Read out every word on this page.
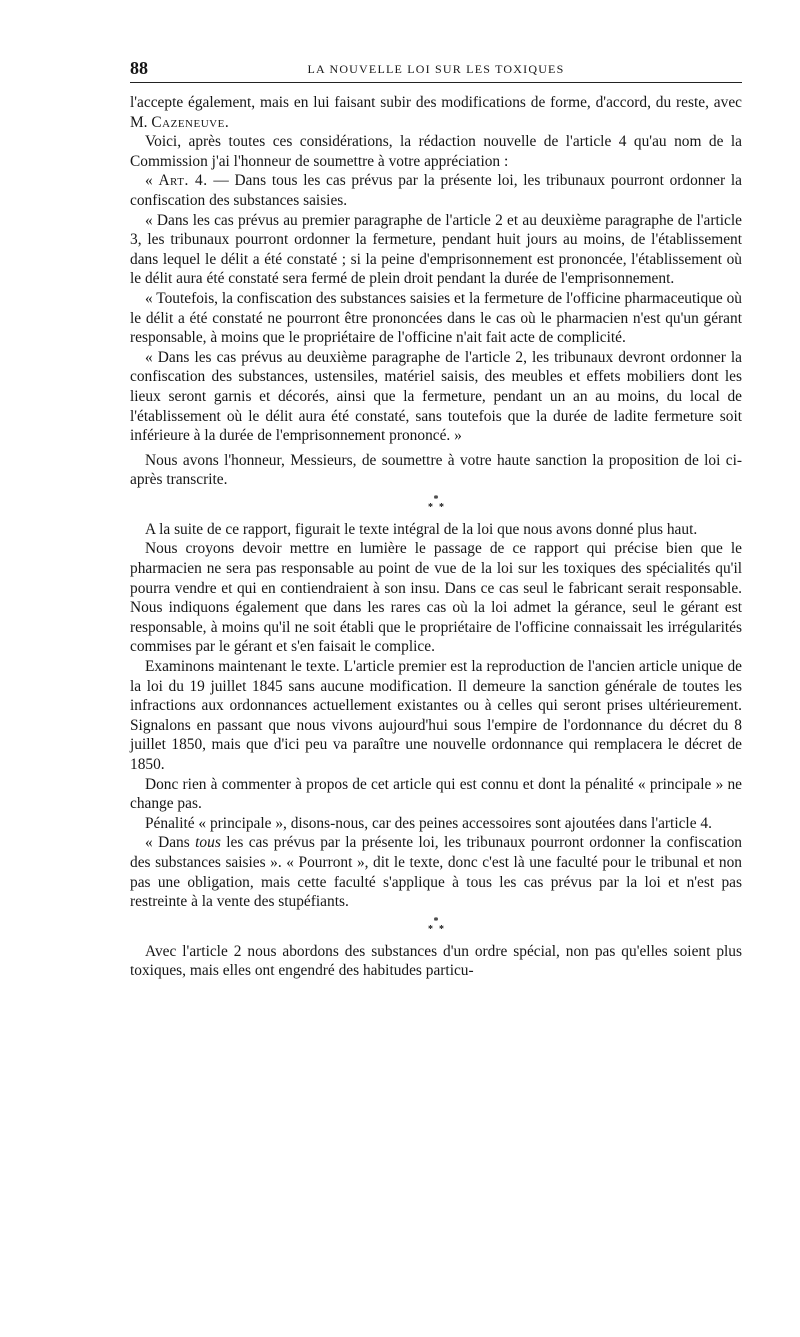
88	LA NOUVELLE LOI SUR LES TOXIQUES

l'accepte également, mais en lui faisant subir des modifications de forme, d'accord, du reste, avec M. Cazeneuve.

Voici, après toutes ces considérations, la rédaction nouvelle de l'article 4 qu'au nom de la Commission j'ai l'honneur de soumettre à votre appréciation :

« Art. 4. — Dans tous les cas prévus par la présente loi, les tribunaux pourront ordonner la confiscation des substances saisies.

« Dans les cas prévus au premier paragraphe de l'article 2 et au deuxième paragraphe de l'article 3, les tribunaux pourront ordonner la fermeture, pendant huit jours au moins, de l'établissement dans lequel le délit a été constaté ; si la peine d'emprisonnement est prononcée, l'établissement où le délit aura été constaté sera fermé de plein droit pendant la durée de l'emprisonnement.

« Toutefois, la confiscation des substances saisies et la fermeture de l'officine pharmaceutique où le délit a été constaté ne pourront être prononcées dans le cas où le pharmacien n'est qu'un gérant responsable, à moins que le propriétaire de l'officine n'ait fait acte de complicité.

« Dans les cas prévus au deuxième paragraphe de l'article 2, les tribunaux devront ordonner la confiscation des substances, ustensiles, matériel saisis, des meubles et effets mobiliers dont les lieux seront garnis et décorés, ainsi que la fermeture, pendant un an au moins, du local de l'établissement où le délit aura été constaté, sans toutefois que la durée de ladite fermeture soit inférieure à la durée de l'emprisonnement prononcé. »

Nous avons l'honneur, Messieurs, de soumettre à votre haute sanction la proposition de loi ci-après transcrite.

*
**

A la suite de ce rapport, figurait le texte intégral de la loi que nous avons donné plus haut.

Nous croyons devoir mettre en lumière le passage de ce rapport qui précise bien que le pharmacien ne sera pas responsable au point de vue de la loi sur les toxiques des spécialités qu'il pourra vendre et qui en contiendraient à son insu. Dans ce cas seul le fabricant serait responsable. Nous indiquons également que dans les rares cas où la loi admet la gérance, seul le gérant est responsable, à moins qu'il ne soit établi que le propriétaire de l'officine connaissait les irrégularités commises par le gérant et s'en faisait le complice.

Examinons maintenant le texte. L'article premier est la reproduction de l'ancien article unique de la loi du 19 juillet 1845 sans aucune modification. Il demeure la sanction générale de toutes les infractions aux ordonnances actuellement existantes ou à celles qui seront prises ultérieurement. Signalons en passant que nous vivons aujourd'hui sous l'empire de l'ordonnance du décret du 8 juillet 1850, mais que d'ici peu va paraître une nouvelle ordonnance qui remplacera le décret de 1850.

Donc rien à commenter à propos de cet article qui est connu et dont la pénalité « principale » ne change pas.

Pénalité « principale », disons-nous, car des peines accessoires sont ajoutées dans l'article 4.

« Dans tous les cas prévus par la présente loi, les tribunaux pourront ordonner la confiscation des substances saisies ». « Pourront », dit le texte, donc c'est là une faculté pour le tribunal et non pas une obligation, mais cette faculté s'applique à tous les cas prévus par la loi et n'est pas restreinte à la vente des stupéfiants.

*
**

Avec l'article 2 nous abordons des substances d'un ordre spécial, non pas qu'elles soient plus toxiques, mais elles ont engendré des habitudes particu-
